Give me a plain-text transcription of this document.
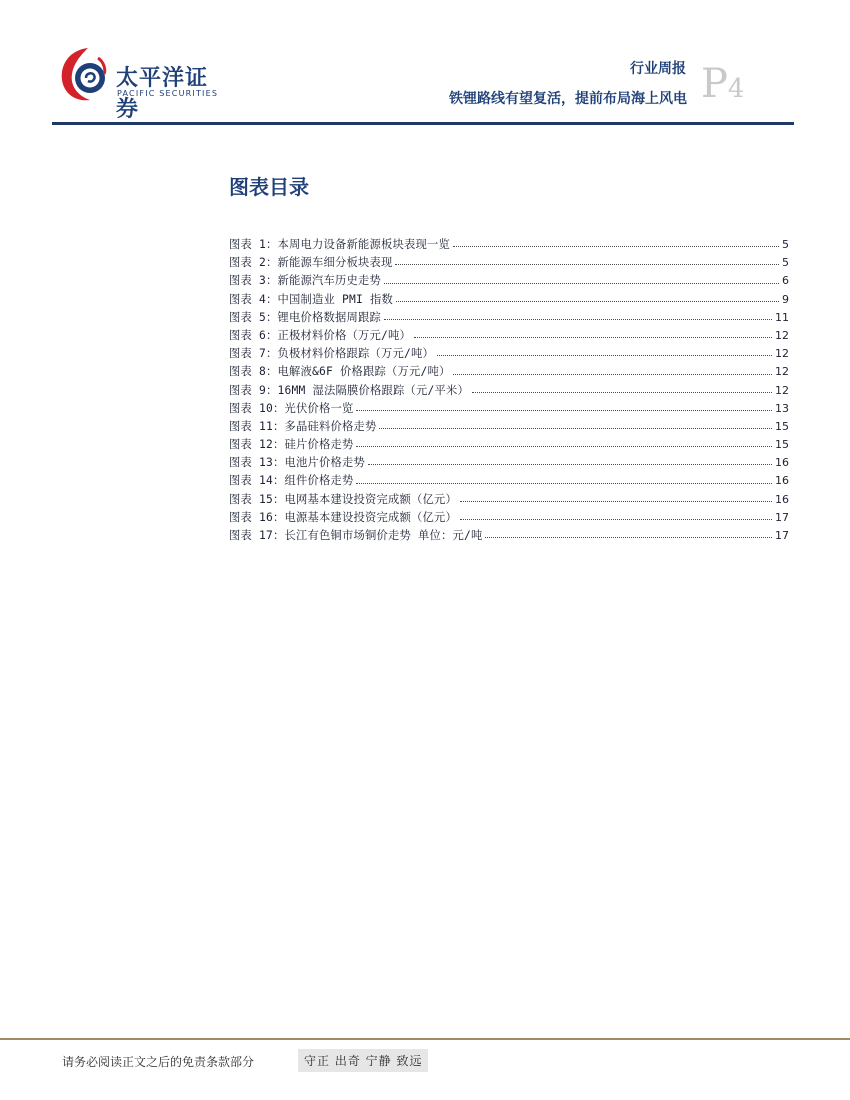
太平洋证券
PACIFIC SECURITIES
行业周报
铁锂路线有望复活，提前布局海上风电 P4
图表目录
图表 1：本周电力设备新能源板块表现一览	5
图表 2：新能源车细分板块表现	5
图表 3：新能源汽车历史走势	6
图表 4：中国制造业 PMI 指数	9
图表 5：锂电价格数据周跟踪	11
图表 6：正极材料价格（万元/吨）	12
图表 7：负极材料价格跟踪（万元/吨）	12
图表 8：电解液&6F 价格跟踪（万元/吨）	12
图表 9：16MM 湿法隔膜价格跟踪（元/平米）	12
图表 10：光伏价格一览	13
图表 11：多晶硅料价格走势	15
图表 12：硅片价格走势	15
图表 13：电池片价格走势	16
图表 14：组件价格走势	16
图表 15：电网基本建设投资完成额（亿元）	16
图表 16：电源基本建设投资完成额（亿元）	17
图表 17：长江有色铜市场铜价走势 单位：元/吨	17
请务必阅读正文之后的免责条款部分	守正 出奇 宁静 致远
